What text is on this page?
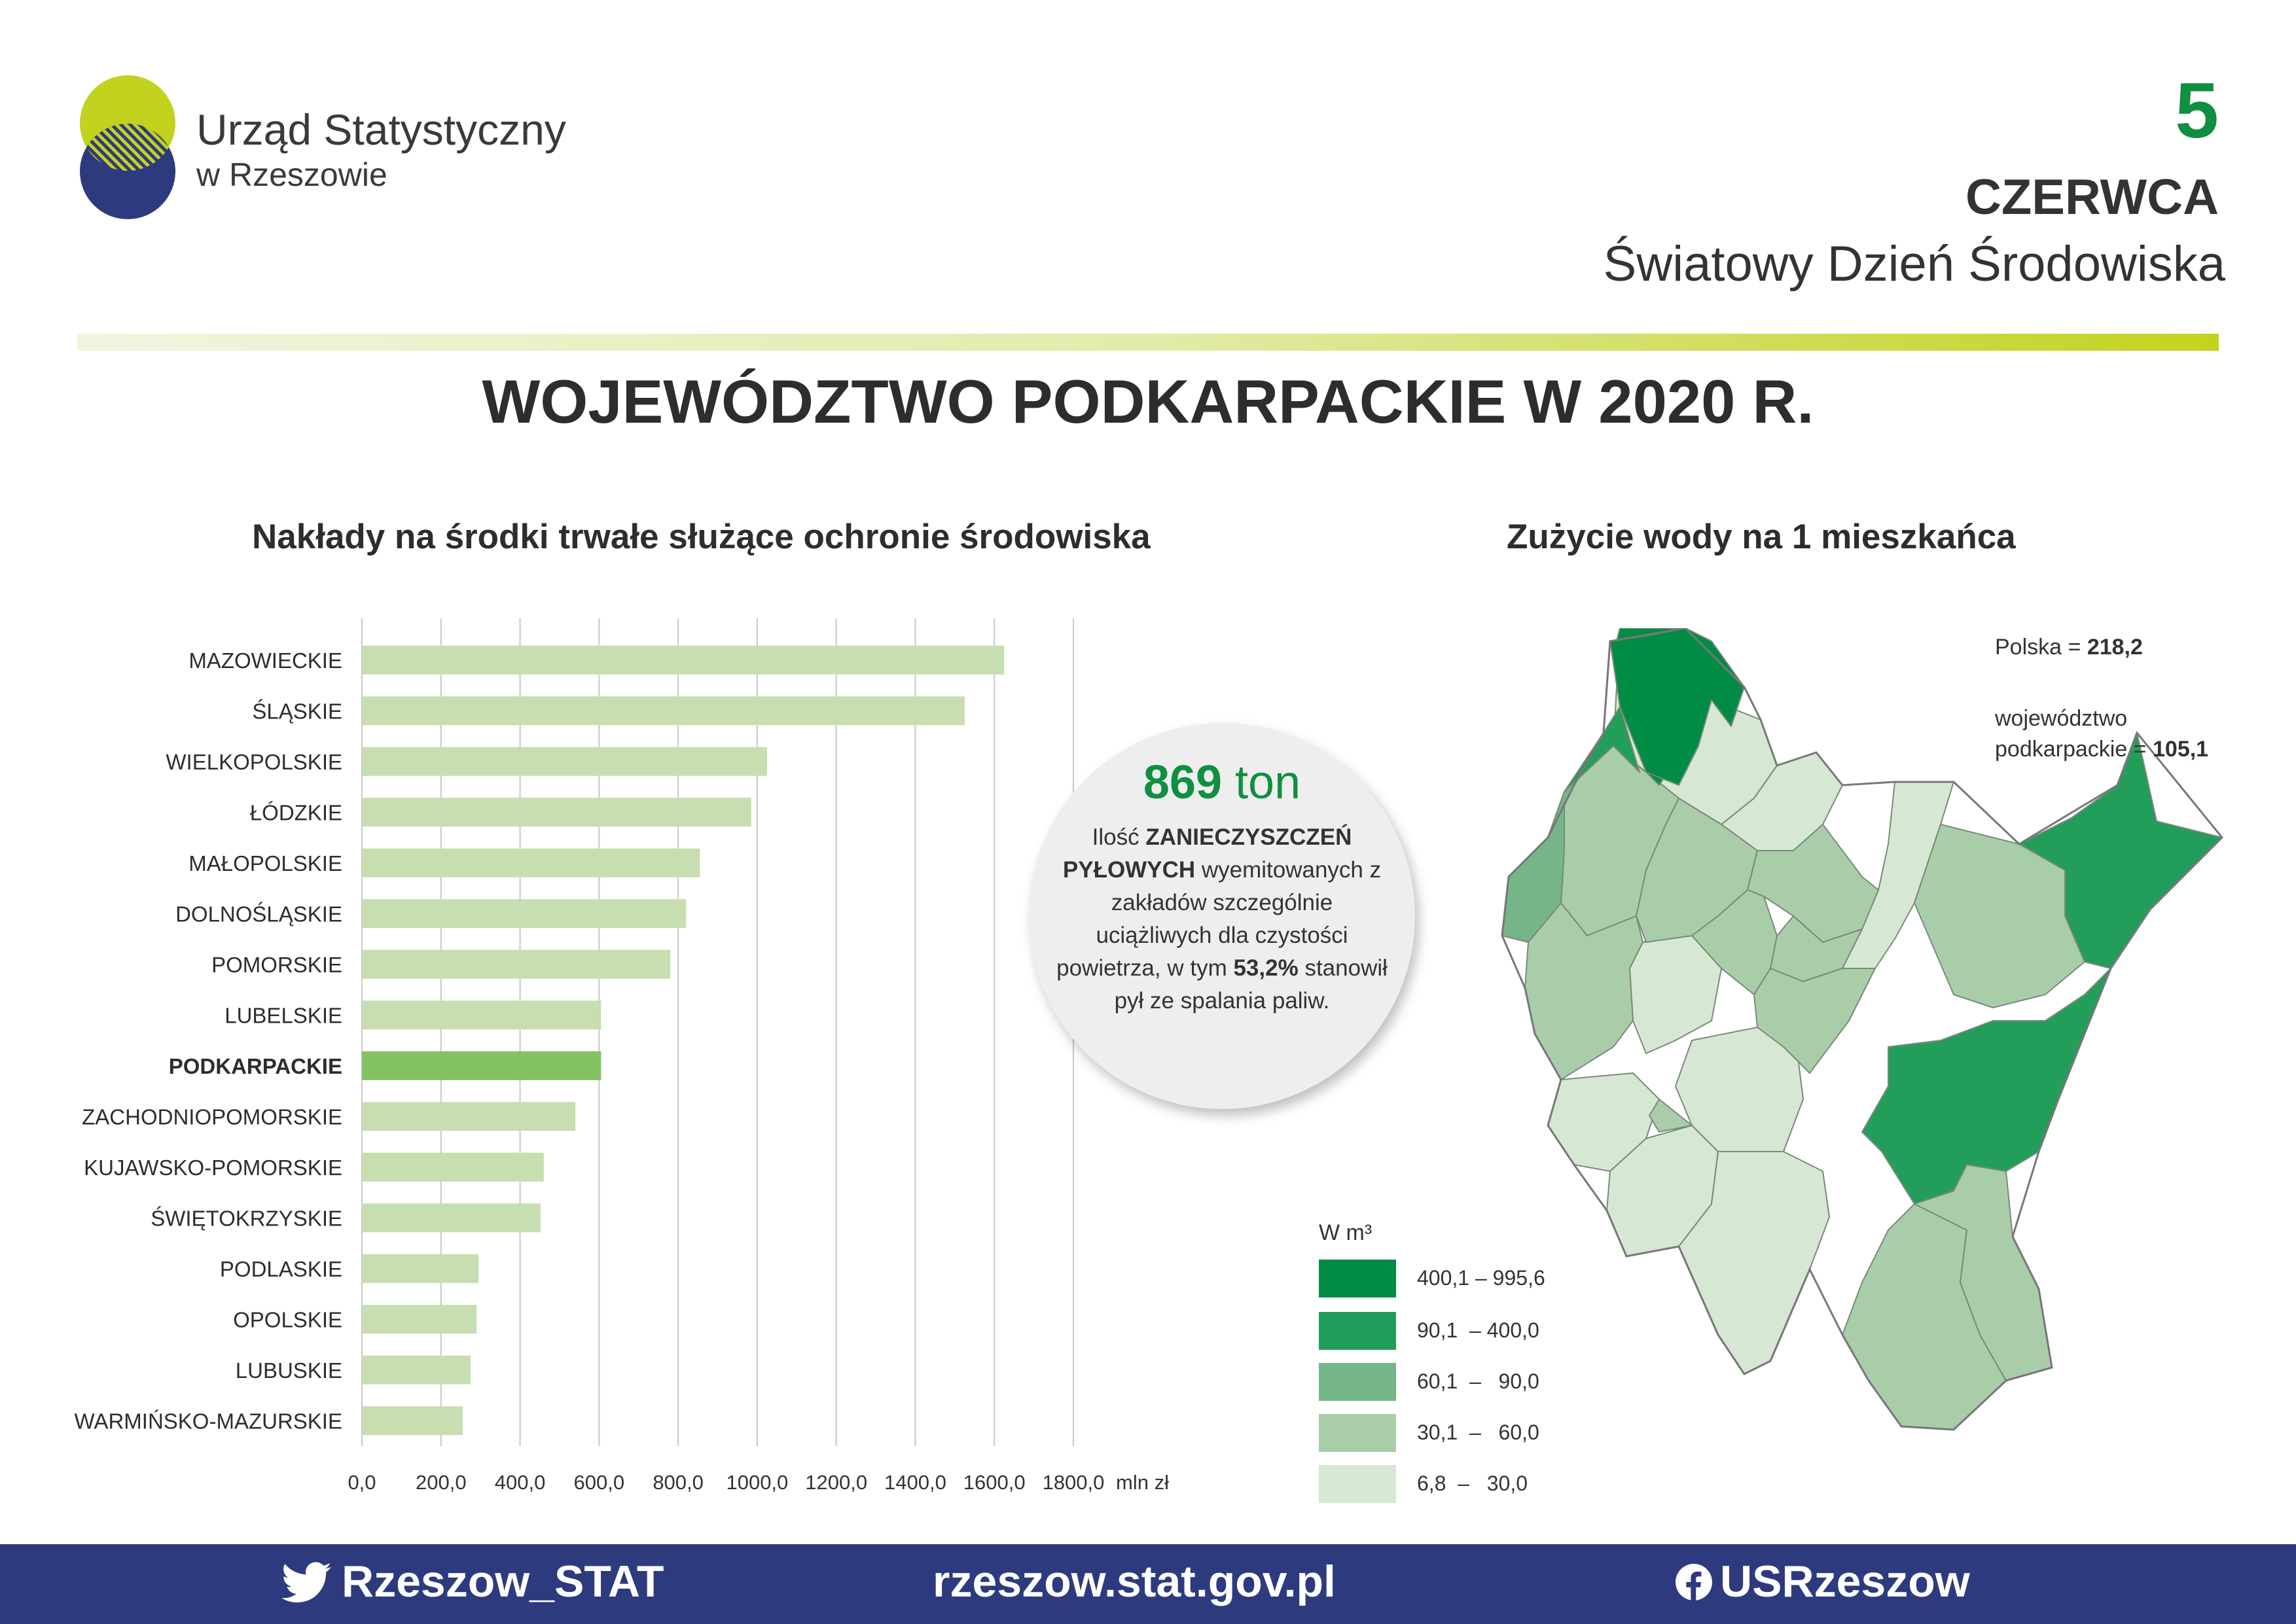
Urząd Statystyczny
w Rzeszowie
5
CZERWCA
Światowy Dzień Środowiska
WOJEWÓDZTWO PODKARPACKIE W 2020 R.
Nakłady na środki trwałe służące ochronie środowiska	Zużycie wody na 1 mieszkańca
0,0 200,0 400,0 600,0 800,0 1000,0 1200,0 1400,0 1600,0 1800,0 mln zł
MAZOWIECKIE
ŚLĄSKIE
WIELKOPOLSKIE
ŁÓDZKIE
MAŁOPOLSKIE
DOLNOŚLĄSKIE
POMORSKIE
LUBELSKIE
PODKARPACKIE
ZACHODNIOPOMORSKIE
KUJAWSKO-POMORSKIE
ŚWIĘTOKRZYSKIE
PODLASKIE
OPOLSKIE
LUBUSKIE
WARMIŃSKO-MAZURSKIE
869 ton
Ilość ZANIECZYSZCZEŃ PYŁOWYCH wyemitowanych z zakładów szczególnie uciążliwych dla czystości powietrza, w tym 53,2% stanowił pył ze spalania paliw.
Polska = 218,2
województwo
podkarpackie = 105,1
W m³
400,1 – 995,6
90,1  – 400,0
60,1  –   90,0
30,1  –   60,0
6,8  –   30,0
Rzeszow_STAT	rzeszow.stat.gov.pl	USRzeszow
